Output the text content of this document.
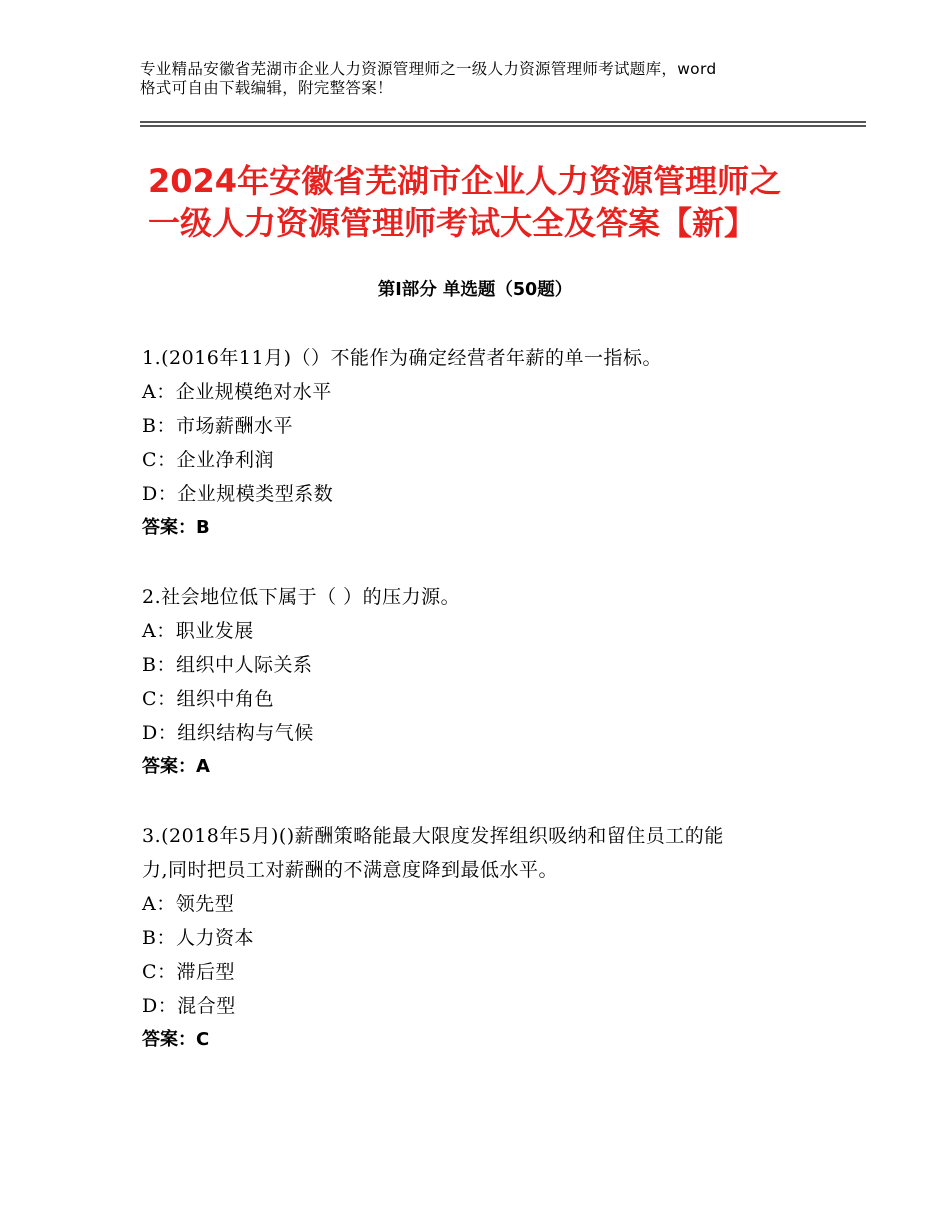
专业精品安徽省芜湖市企业人力资源管理师之一级人力资源管理师考试题库，word
格式可自由下载编辑，附完整答案！
2024年安徽省芜湖市企业人力资源管理师之
一级人力资源管理师考试大全及答案【新】
第Ⅰ部分 单选题（50题）
1.(2016年11月)（）不能作为确定经营者年薪的单一指标。
A：企业规模绝对水平
B：市场薪酬水平
C：企业净利润
D：企业规模类型系数
答案：B
2.社会地位低下属于（ ）的压力源。
A：职业发展
B：组织中人际关系
C：组织中角色
D：组织结构与气候
答案：A
3.(2018年5月)()薪酬策略能最大限度发挥组织吸纳和留住员工的能
力,同时把员工对薪酬的不满意度降到最低水平。
A：领先型
B：人力资本
C：滞后型
D：混合型
答案：C
